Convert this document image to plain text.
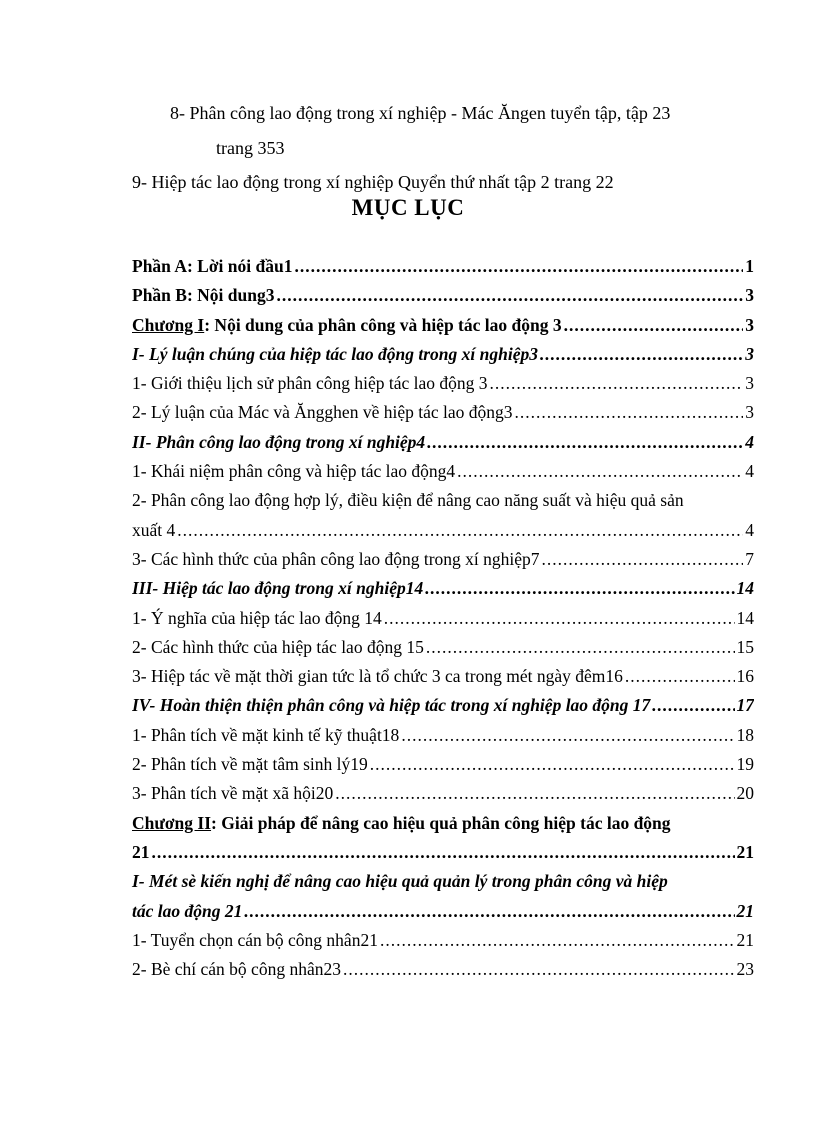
8- Phân công lao động trong xí nghiệp - Mác Ăngen tuyển tập, tập 23
trang 353
9- Hiệp tác lao động trong xí nghiệp Quyển thứ nhất tập 2 trang 22
MỤC LỤC
Phần A: Lời nói đầu1 .....	1
Phần B: Nội dung3 .....	3
Chương I: Nội dung của phân công và hiệp tác lao động 3 .....	3
I- Lý luận chúng của hiệp tác lao động trong xí nghiệp3 .....	3
1- Giới thiệu lịch sử phân công hiệp tác lao động 3 .....	3
2- Lý luận của Mác và Ăngghen về hiệp tác lao động3 .....	3
II- Phân công lao động trong xí nghiệp4 .....	4
1- Khái niệm phân công và hiệp tác lao động4 .....	4
2- Phân công lao động hợp lý, điều kiện để nâng cao năng suất và hiệu quả sản
xuất 4 .....	4
3- Các hình thức của phân công lao động trong xí nghiệp7 .....	7
III- Hiệp tác lao động trong xí nghiệp14 .....	14
1- Ý nghĩa của hiệp tác lao động 14 .....	14
2- Các hình thức của hiệp tác lao động 15 .....	15
3- Hiệp tác về mặt thời gian tức là tổ chức 3 ca trong mét ngày đêm16 .....	16
IV- Hoàn thiện thiện phân công và hiệp tác trong xí nghiệp lao động 17 .....	17
1- Phân tích về mặt kinh tế kỹ thuật18 .....	18
2- Phân tích về mặt tâm sinh lý19 .....	19
3- Phân tích về mặt xã hội20 .....	20
Chương II: Giải pháp để nâng cao hiệu quả phân công hiệp tác lao động
21 .....	21
I- Mét sè kiến nghị để nâng cao hiệu quả quản lý trong phân công và hiệp
tác lao động 21 .....	21
1- Tuyển chọn cán bộ công nhân21 .....	21
2- Bè chí cán bộ công nhân23 .....	23
